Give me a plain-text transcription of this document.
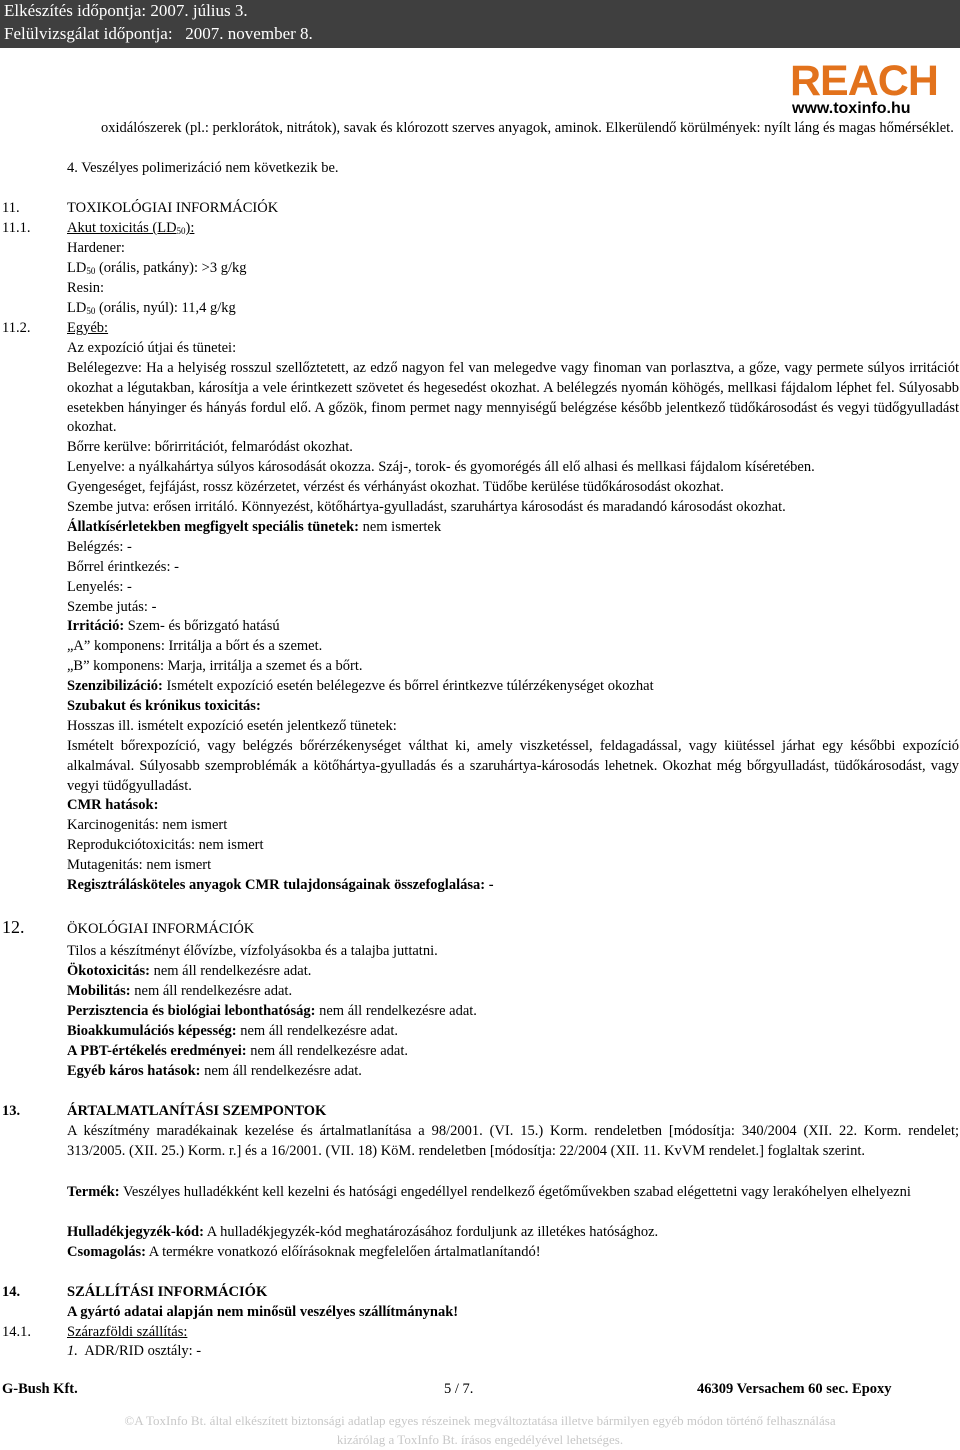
Elkészítés időpontja: 2007. július 3.
Felülvizsgálat időpontja:   2007. november 8.
REACH
www.toxinfo.hu
oxidálószerek (pl.: perklorátok, nitrátok), savak és klórozott szerves anyagok, aminok. Elkerülendő körülmények: nyílt láng és magas hőmérséklet.
4. Veszélyes polimerizáció nem következik be.
11.	TOXIKOLÓGIAI INFORMÁCIÓK
11.1.	Akut toxicitás $(LD_{50})$:
Hardener:
$LD_{50}$ (orális, patkány): >3 g/kg
Resin:
$LD_{50}$ (orális, nyúl): 11,4 g/kg
11.2.	Egyéb:
Az expozíció útjai és tünetei:
Belélegezve: Ha a helyiség rosszul szellőztetett, az edző nagyon fel van melegedve vagy finoman van porlasztva, a gőze, vagy permete súlyos irritációt okozhat a légutakban, károsítja a vele érintkezett szövetet és hegesedést okozhat. A belélegzés nyomán köhögés, mellkasi fájdalom léphet fel. Súlyosabb esetekben hányinger és hányás fordul elő. A gőzök, finom permet nagy mennyiségű belégzése később jelentkező tüdőkárosodást és vegyi tüdőgyulladást okozhat.
Bőrre kerülve: bőrirritációt, felmaródást okozhat.
Lenyelve: a nyálkahártya súlyos károsodását okozza. Száj-, torok- és gyomorégés áll elő alhasi és mellkasi fájdalom kíséretében.
Gyengeséget, fejfájást, rossz közérzetet, vérzést és vérhányást okozhat. Tüdőbe kerülése tüdőkárosodást okozhat.
Szembe jutva: erősen irritáló. Könnyezést, kötőhártya-gyulladást, szaruhártya károsodást és maradandó károsodást okozhat.
Állatkísérletekben megfigyelt speciális tünetek: nem ismertek
Belégzés: -
Bőrrel érintkezés: -
Lenyelés: -
Szembe jutás: -
Irritáció: Szem- és bőrizgató hatású
„A” komponens: Irritálja a bőrt és a szemet.
„B” komponens: Marja, irritálja a szemet és a bőrt.
Szenzibilizáció: Ismételt expozíció esetén belélegezve és bőrrel érintkezve túlérzékenységet okozhat
Szubakut és krónikus toxicitás:
Hosszas ill. ismételt expozíció esetén jelentkező tünetek:
Ismételt bőrexpozíció, vagy belégzés bőrérzékenységet válthat ki, amely viszketéssel, feldagadással, vagy kiütéssel járhat egy későbbi expozíció alkalmával. Súlyosabb szemproblémák a kötőhártya-gyulladás és a szaruhártya-károsodás lehetnek. Okozhat még bőrgyulladást, tüdőkárosodást, vagy vegyi tüdőgyulladást.
CMR hatások:
Karcinogenitás: nem ismert
Reprodukciótoxicitás: nem ismert
Mutagenitás: nem ismert
Regisztrálásköteles anyagok CMR tulajdonságainak összefoglalása: -
12.	ÖKOLÓGIAI INFORMÁCIÓK
Tilos a készítményt élővízbe, vízfolyásokba és a talajba juttatni.
Ökotoxicitás: nem áll rendelkezésre adat.
Mobilitás: nem áll rendelkezésre adat.
Perzisztencia és biológiai lebonthatóság: nem áll rendelkezésre adat.
Bioakkumulációs képesség: nem áll rendelkezésre adat.
A PBT-értékelés eredményei: nem áll rendelkezésre adat.
Egyéb káros hatások: nem áll rendelkezésre adat.
13.	ÁRTALMATLANÍTÁSI SZEMPONTOK
A készítmény maradékainak kezelése és ártalmatlanítása a 98/2001. (VI. 15.) Korm. rendeletben [módosítja: 340/2004 (XII. 22. Korm. rendelet; 313/2005. (XII. 25.) Korm. r.] és a 16/2001. (VII. 18) KöM. rendeletben [módosítja: 22/2004 (XII. 11. KvVM rendelet.] foglaltak szerint.
Termék: Veszélyes hulladékként kell kezelni és hatósági engedéllyel rendelkező égetőművekben szabad elégettetni vagy lerakóhelyen elhelyezni
Hulladékjegyzék-kód: A hulladékjegyzék-kód meghatározásához forduljunk az illetékes hatósághoz.
Csomagolás: A termékre vonatkozó előírásoknak megfelelően ártalmatlanítandó!
14.	SZÁLLÍTÁSI INFORMÁCIÓK
A gyártó adatai alapján nem minősül veszélyes szállítmánynak!
14.1. Szárazföldi szállítás:
1. ADR/RID osztály: -
G-Bush Kft.	5 / 7.	46309 Versachem 60 sec. Epoxy
©A ToxInfo Bt. által elkészített biztonsági adatlap egyes részeinek megváltoztatása illetve bármilyen egyéb módon történő felhasználása
kizárólag a ToxInfo Bt. írásos engedélyével lehetséges.
